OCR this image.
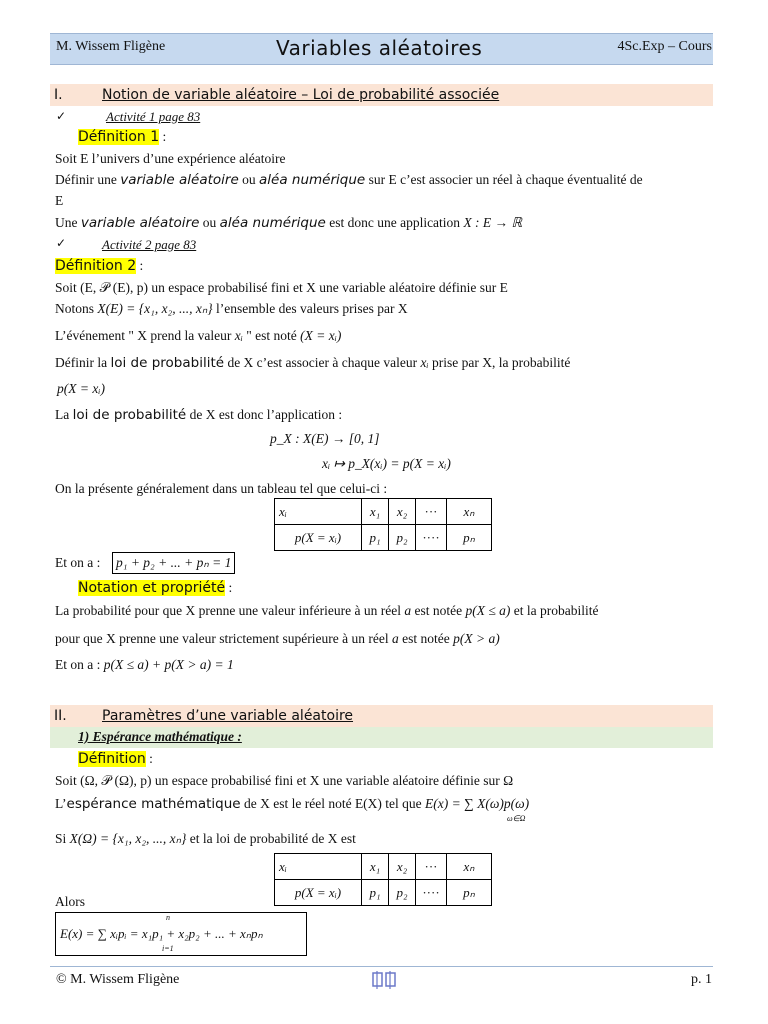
M. Wissem Fligène	Variables aléatoires	4Sc.Exp – Cours
I.	Notion de variable aléatoire – Loi de probabilité associée
✓	Activité 1 page 83
Définition 1 :
Soit E l’univers d’une expérience aléatoire
Définir une variable aléatoire ou aléa numérique sur E c’est associer un réel à chaque éventualité de
E
Une variable aléatoire ou aléa numérique est donc une application X : E → ℝ
✓	Activité 2 page 83
Définition 2 :
Soit (E, 𝒫 (E), p) un espace probabilisé fini et X une variable aléatoire définie sur E
Notons X(E) = {x₁, x₂, ..., xₙ} l’ensemble des valeurs prises par X
L’événement " X prend la valeur xᵢ " est noté (X = xᵢ)
Définir la loi de probabilité de X c’est associer à chaque valeur xᵢ prise par X, la probabilité
p(X = xᵢ)
La loi de probabilité de X est donc l’application :
p_X : X(E) → [0, 1]
xᵢ ↦ p_X(xᵢ) = p(X = xᵢ)
On la présente généralement dans un tableau tel que celui-ci :
xᵢ	x₁	x₂	···	xₙ
p(X = xᵢ)	p₁	p₂	····	pₙ
Et on a : p₁ + p₂ + ... + pₙ = 1
Notation et propriété :
La probabilité pour que X prenne une valeur inférieure à un réel a est notée p(X ≤ a) et la probabilité
pour que X prenne une valeur strictement supérieure à un réel a est notée p(X > a)
Et on a : p(X ≤ a) + p(X > a) = 1
II.	Paramètres d’une variable aléatoire
1) Espérance mathématique :
Définition :
Soit (Ω, 𝒫 (Ω), p) un espace probabilisé fini et X une variable aléatoire définie sur Ω
L’espérance mathématique de X est le réel noté E(X) tel que E(x) = ∑ X(ω)p(ω)
ω∈Ω
Si X(Ω) = {x₁, x₂, ..., xₙ} et la loi de probabilité de X est
xᵢ	x₁	x₂	···	xₙ
p(X = xᵢ)	p₁	p₂	····	pₙ
Alors
n
E(x) = ∑ xᵢpᵢ = x₁p₁ + x₂p₂ + ... + xₙpₙ
i=1
© M. Wissem Fligène	p. 1
